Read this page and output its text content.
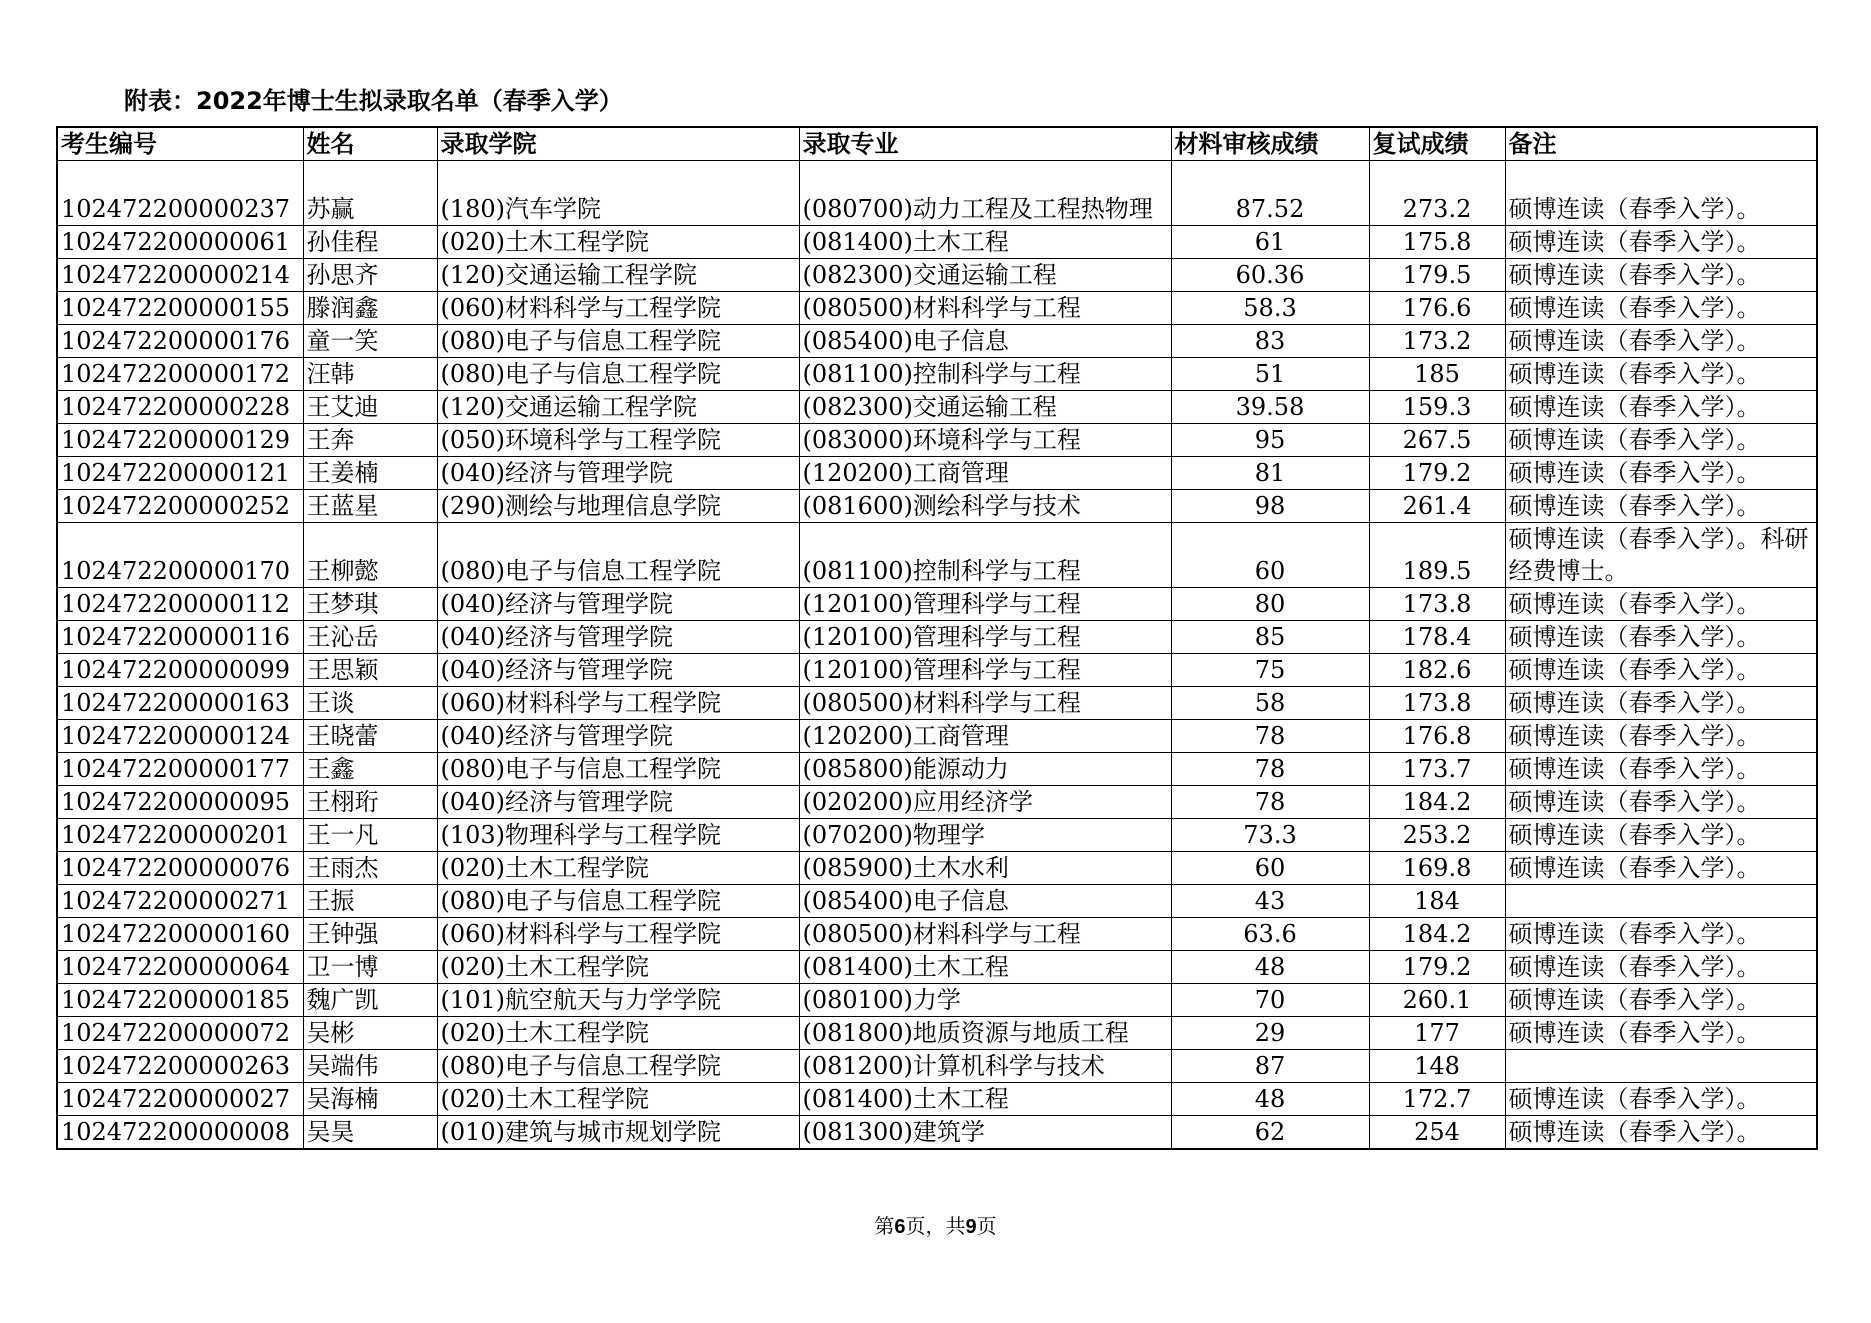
附表：2022年博士生拟录取名单（春季入学）
考生编号	姓名	录取学院	录取专业	材料审核成绩	复试成绩	备注
102472200000237	苏赢	(180)汽车学院	(080700)动力工程及工程热物理	87.52	273.2	硕博连读（春季入学）。
102472200000061	孙佳程	(020)土木工程学院	(081400)土木工程	61	175.8	硕博连读（春季入学）。
102472200000214	孙思齐	(120)交通运输工程学院	(082300)交通运输工程	60.36	179.5	硕博连读（春季入学）。
102472200000155	滕润鑫	(060)材料科学与工程学院	(080500)材料科学与工程	58.3	176.6	硕博连读（春季入学）。
102472200000176	童一笑	(080)电子与信息工程学院	(085400)电子信息	83	173.2	硕博连读（春季入学）。
102472200000172	汪韩	(080)电子与信息工程学院	(081100)控制科学与工程	51	185	硕博连读（春季入学）。
102472200000228	王艾迪	(120)交通运输工程学院	(082300)交通运输工程	39.58	159.3	硕博连读（春季入学）。
102472200000129	王奔	(050)环境科学与工程学院	(083000)环境科学与工程	95	267.5	硕博连读（春季入学）。
102472200000121	王姜楠	(040)经济与管理学院	(120200)工商管理	81	179.2	硕博连读（春季入学）。
102472200000252	王蓝星	(290)测绘与地理信息学院	(081600)测绘科学与技术	98	261.4	硕博连读（春季入学）。
102472200000170	王柳懿	(080)电子与信息工程学院	(081100)控制科学与工程	60	189.5	硕博连读（春季入学）。科研经费博士。
102472200000112	王梦琪	(040)经济与管理学院	(120100)管理科学与工程	80	173.8	硕博连读（春季入学）。
102472200000116	王沁岳	(040)经济与管理学院	(120100)管理科学与工程	85	178.4	硕博连读（春季入学）。
102472200000099	王思颖	(040)经济与管理学院	(120100)管理科学与工程	75	182.6	硕博连读（春季入学）。
102472200000163	王谈	(060)材料科学与工程学院	(080500)材料科学与工程	58	173.8	硕博连读（春季入学）。
102472200000124	王晓蕾	(040)经济与管理学院	(120200)工商管理	78	176.8	硕博连读（春季入学）。
102472200000177	王鑫	(080)电子与信息工程学院	(085800)能源动力	78	173.7	硕博连读（春季入学）。
102472200000095	王栩珩	(040)经济与管理学院	(020200)应用经济学	78	184.2	硕博连读（春季入学）。
102472200000201	王一凡	(103)物理科学与工程学院	(070200)物理学	73.3	253.2	硕博连读（春季入学）。
102472200000076	王雨杰	(020)土木工程学院	(085900)土木水利	60	169.8	硕博连读（春季入学）。
102472200000271	王振	(080)电子与信息工程学院	(085400)电子信息	43	184	
102472200000160	王钟强	(060)材料科学与工程学院	(080500)材料科学与工程	63.6	184.2	硕博连读（春季入学）。
102472200000064	卫一博	(020)土木工程学院	(081400)土木工程	48	179.2	硕博连读（春季入学）。
102472200000185	魏广凯	(101)航空航天与力学学院	(080100)力学	70	260.1	硕博连读（春季入学）。
102472200000072	吴彬	(020)土木工程学院	(081800)地质资源与地质工程	29	177	硕博连读（春季入学）。
102472200000263	吴端伟	(080)电子与信息工程学院	(081200)计算机科学与技术	87	148	
102472200000027	吴海楠	(020)土木工程学院	(081400)土木工程	48	172.7	硕博连读（春季入学）。
102472200000008	吴昊	(010)建筑与城市规划学院	(081300)建筑学	62	254	硕博连读（春季入学）。
第6页，共9页
